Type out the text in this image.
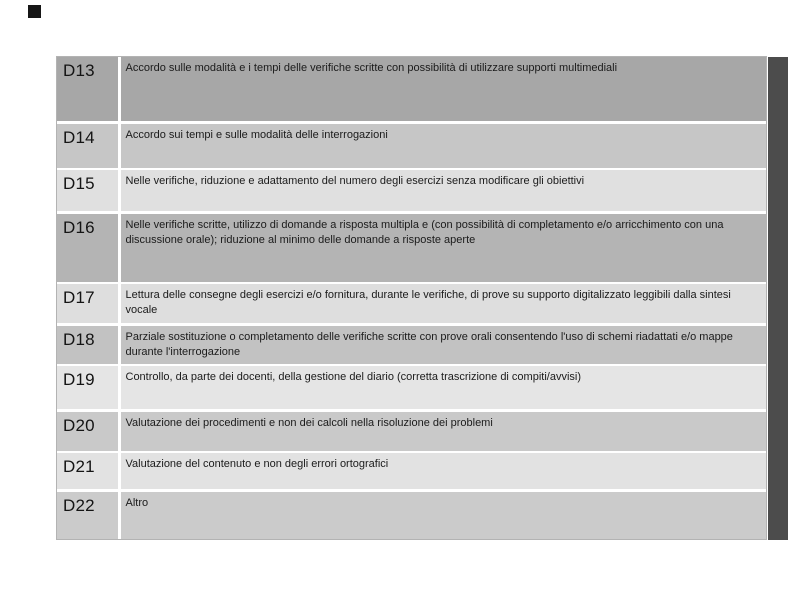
D13	Accordo sulle modalità e i tempi delle verifiche scritte con possibilità di utilizzare supporti multimediali
D14	Accordo sui tempi e sulle modalità delle interrogazioni
D15	Nelle verifiche, riduzione e adattamento del numero degli esercizi senza modificare gli obiettivi
D16	Nelle verifiche scritte, utilizzo di domande a risposta multipla e (con possibilità di completamento e/o arricchimento con una discussione orale); riduzione al minimo delle domande a risposte aperte
D17	Lettura delle consegne degli esercizi e/o fornitura, durante le verifiche, di prove su supporto digitalizzato leggibili dalla sintesi vocale
D18	Parziale sostituzione o completamento delle verifiche scritte con prove orali consentendo l'uso di schemi riadattati e/o mappe durante l'interrogazione
D19	Controllo, da parte dei docenti, della gestione del diario (corretta trascrizione di compiti/avvisi)
D20	Valutazione dei procedimenti e non dei calcoli nella risoluzione dei problemi
D21	Valutazione del contenuto e non degli errori ortografici
D22	Altro
